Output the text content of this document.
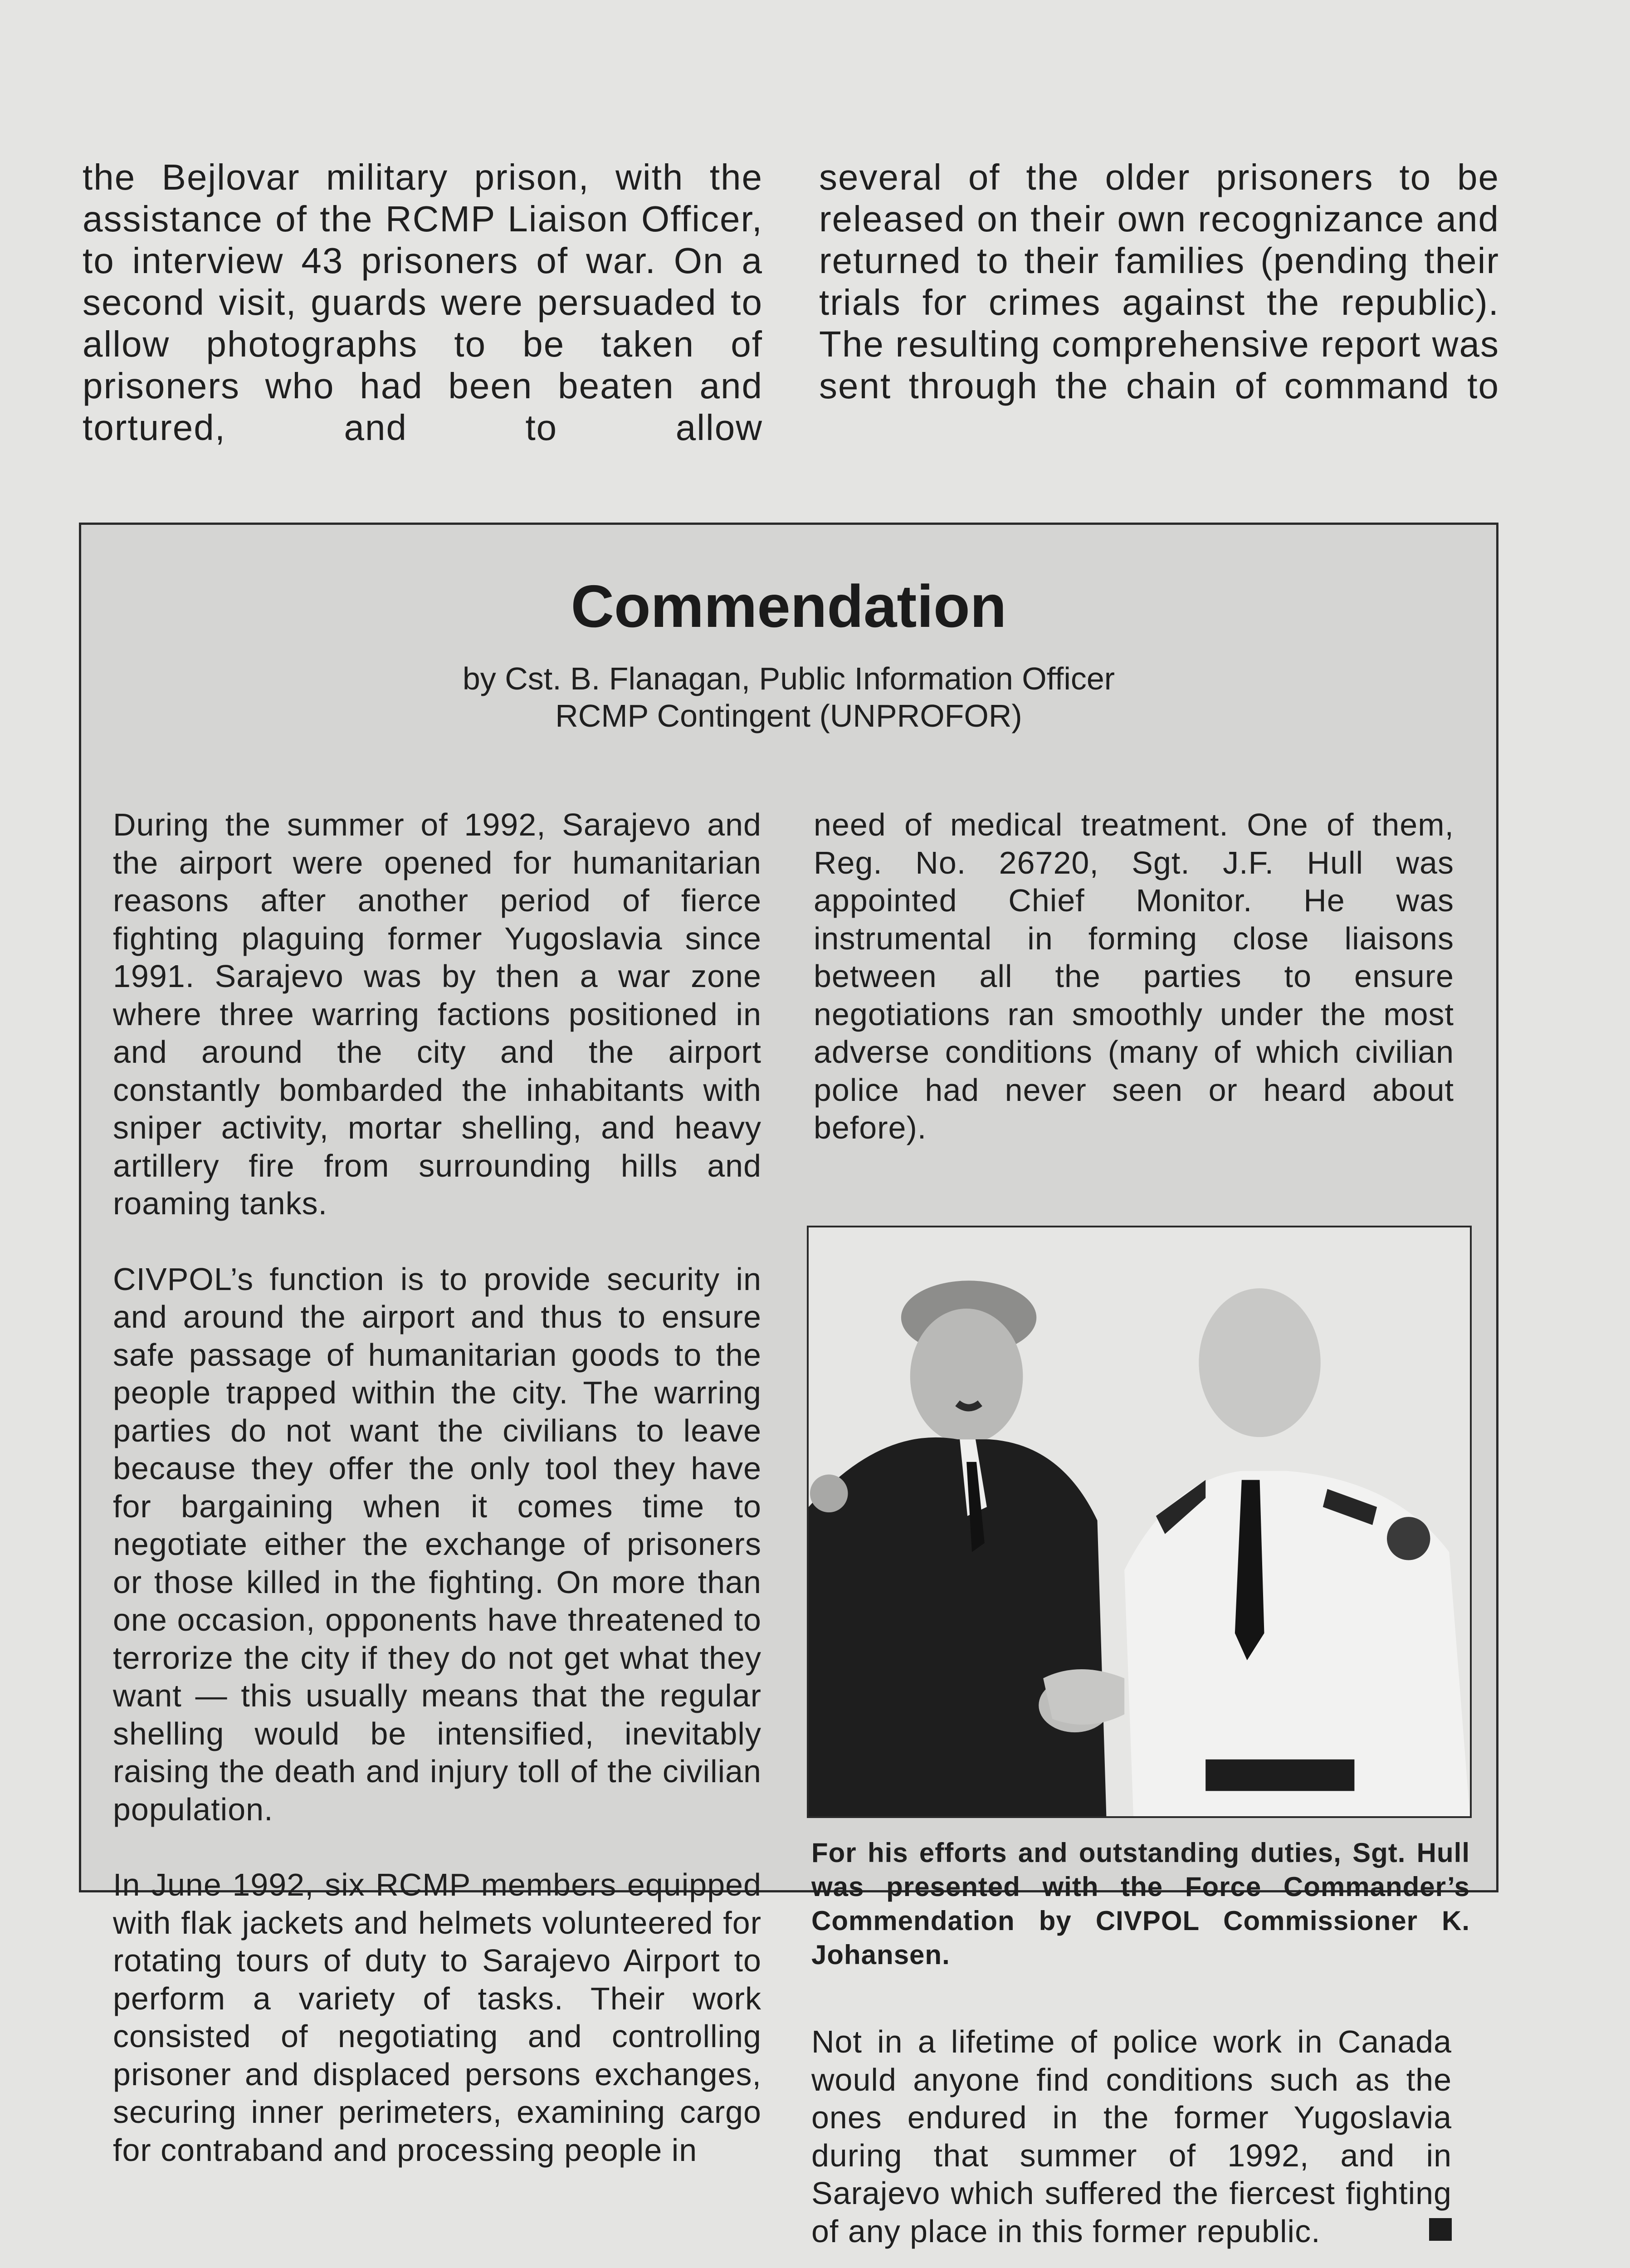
the Bejlovar military prison, with the assistance of the RCMP Liaison Officer, to interview 43 prisoners of war. On a second visit, guards were persuaded to allow photographs to be taken of prisoners who had been beaten and tortured, and to allow

several of the older prisoners to be released on their own recognizance and returned to their families (pending their trials for crimes against the republic). The resulting comprehensive report was sent through the chain of command to

Commendation
by Cst. B. Flanagan, Public Information Officer
RCMP Contingent (UNPROFOR)

During the summer of 1992, Sarajevo and the airport were opened for humanitarian reasons after another period of fierce fighting plaguing former Yugoslavia since 1991. Sarajevo was by then a war zone where three warring factions positioned in and around the city and the airport constantly bombarded the inhabitants with sniper activity, mortar shelling, and heavy artillery fire from surrounding hills and roaming tanks.

CIVPOL’s function is to provide security in and around the airport and thus to ensure safe passage of humanitarian goods to the people trapped within the city. The warring parties do not want the civilians to leave because they offer the only tool they have for bargaining when it comes time to negotiate either the exchange of prisoners or those killed in the fighting. On more than one occasion, opponents have threatened to terrorize the city if they do not get what they want — this usually means that the regular shelling would be intensified, inevitably raising the death and injury toll of the civilian population.

In June 1992, six RCMP members equipped with flak jackets and helmets volunteered for rotating tours of duty to Sarajevo Airport to perform a variety of tasks. Their work consisted of negotiating and controlling prisoner and displaced persons exchanges, securing inner perimeters, examining cargo for contraband and processing people in

need of medical treatment. One of them, Reg. No. 26720, Sgt. J.F. Hull was appointed Chief Monitor. He was instrumental in forming close liaisons between all the parties to ensure negotiations ran smoothly under the most adverse conditions (many of which civilian police had never seen or heard about before).

For his efforts and outstanding duties, Sgt. Hull was presented with the Force Commander’s Commendation by CIVPOL Commissioner K. Johansen.

Not in a lifetime of police work in Canada would anyone find conditions such as the ones endured in the former Yugoslavia during that summer of 1992, and in Sarajevo which suffered the fiercest fighting of any place in this former republic.
